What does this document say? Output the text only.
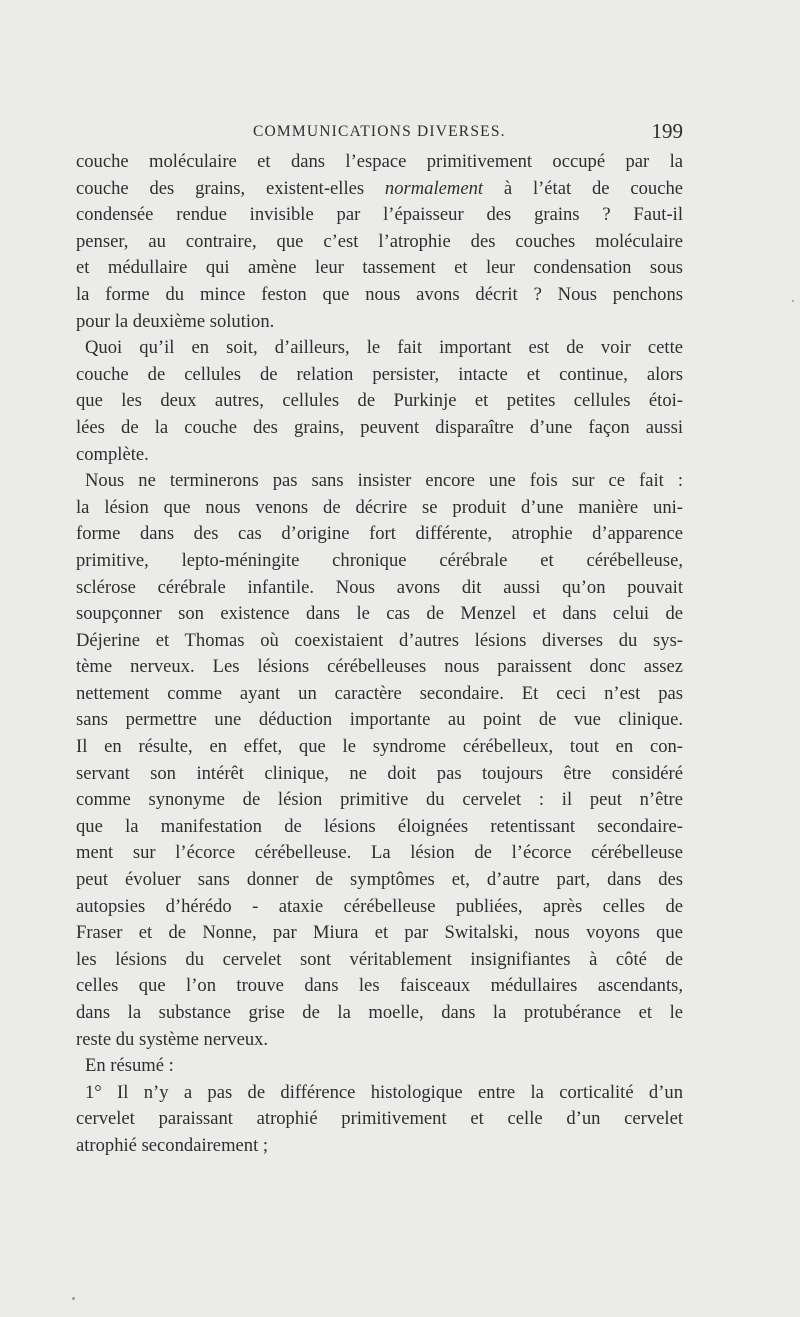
COMMUNICATIONS DIVERSES.	199
couche moléculaire et dans l’espace primitivement occupé par la
couche des grains, existent-elles normalement à l’état de couche
condensée rendue invisible par l’épaisseur des grains ? Faut-il
penser, au contraire, que c’est l’atrophie des couches moléculaire
et médullaire qui amène leur tassement et leur condensation sous
la forme du mince feston que nous avons décrit ? Nous penchons
pour la deuxième solution.
Quoi qu’il en soit, d’ailleurs, le fait important est de voir cette
couche de cellules de relation persister, intacte et continue, alors
que les deux autres, cellules de Purkinje et petites cellules étoi-
lées de la couche des grains, peuvent disparaître d’une façon aussi
complète.
Nous ne terminerons pas sans insister encore une fois sur ce fait :
la lésion que nous venons de décrire se produit d’une manière uni-
forme dans des cas d’origine fort différente, atrophie d’apparence
primitive, lepto-méningite chronique cérébrale et cérébelleuse,
sclérose cérébrale infantile. Nous avons dit aussi qu’on pouvait
soupçonner son existence dans le cas de Menzel et dans celui de
Déjerine et Thomas où coexistaient d’autres lésions diverses du sys-
tème nerveux. Les lésions cérébelleuses nous paraissent donc assez
nettement comme ayant un caractère secondaire. Et ceci n’est pas
sans permettre une déduction importante au point de vue clinique.
Il en résulte, en effet, que le syndrome cérébelleux, tout en con-
servant son intérêt clinique, ne doit pas toujours être considéré
comme synonyme de lésion primitive du cervelet : il peut n’être
que la manifestation de lésions éloignées retentissant secondaire-
ment sur l’écorce cérébelleuse. La lésion de l’écorce cérébelleuse
peut évoluer sans donner de symptômes et, d’autre part, dans des
autopsies d’hérédo - ataxie cérébelleuse publiées, après celles de
Fraser et de Nonne, par Miura et par Switalski, nous voyons que
les lésions du cervelet sont véritablement insignifiantes à côté de
celles que l’on trouve dans les faisceaux médullaires ascendants,
dans la substance grise de la moelle, dans la protubérance et le
reste du système nerveux.
En résumé :
1° Il n’y a pas de différence histologique entre la corticalité d’un
cervelet paraissant atrophié primitivement et celle d’un cervelet
atrophié secondairement ;
